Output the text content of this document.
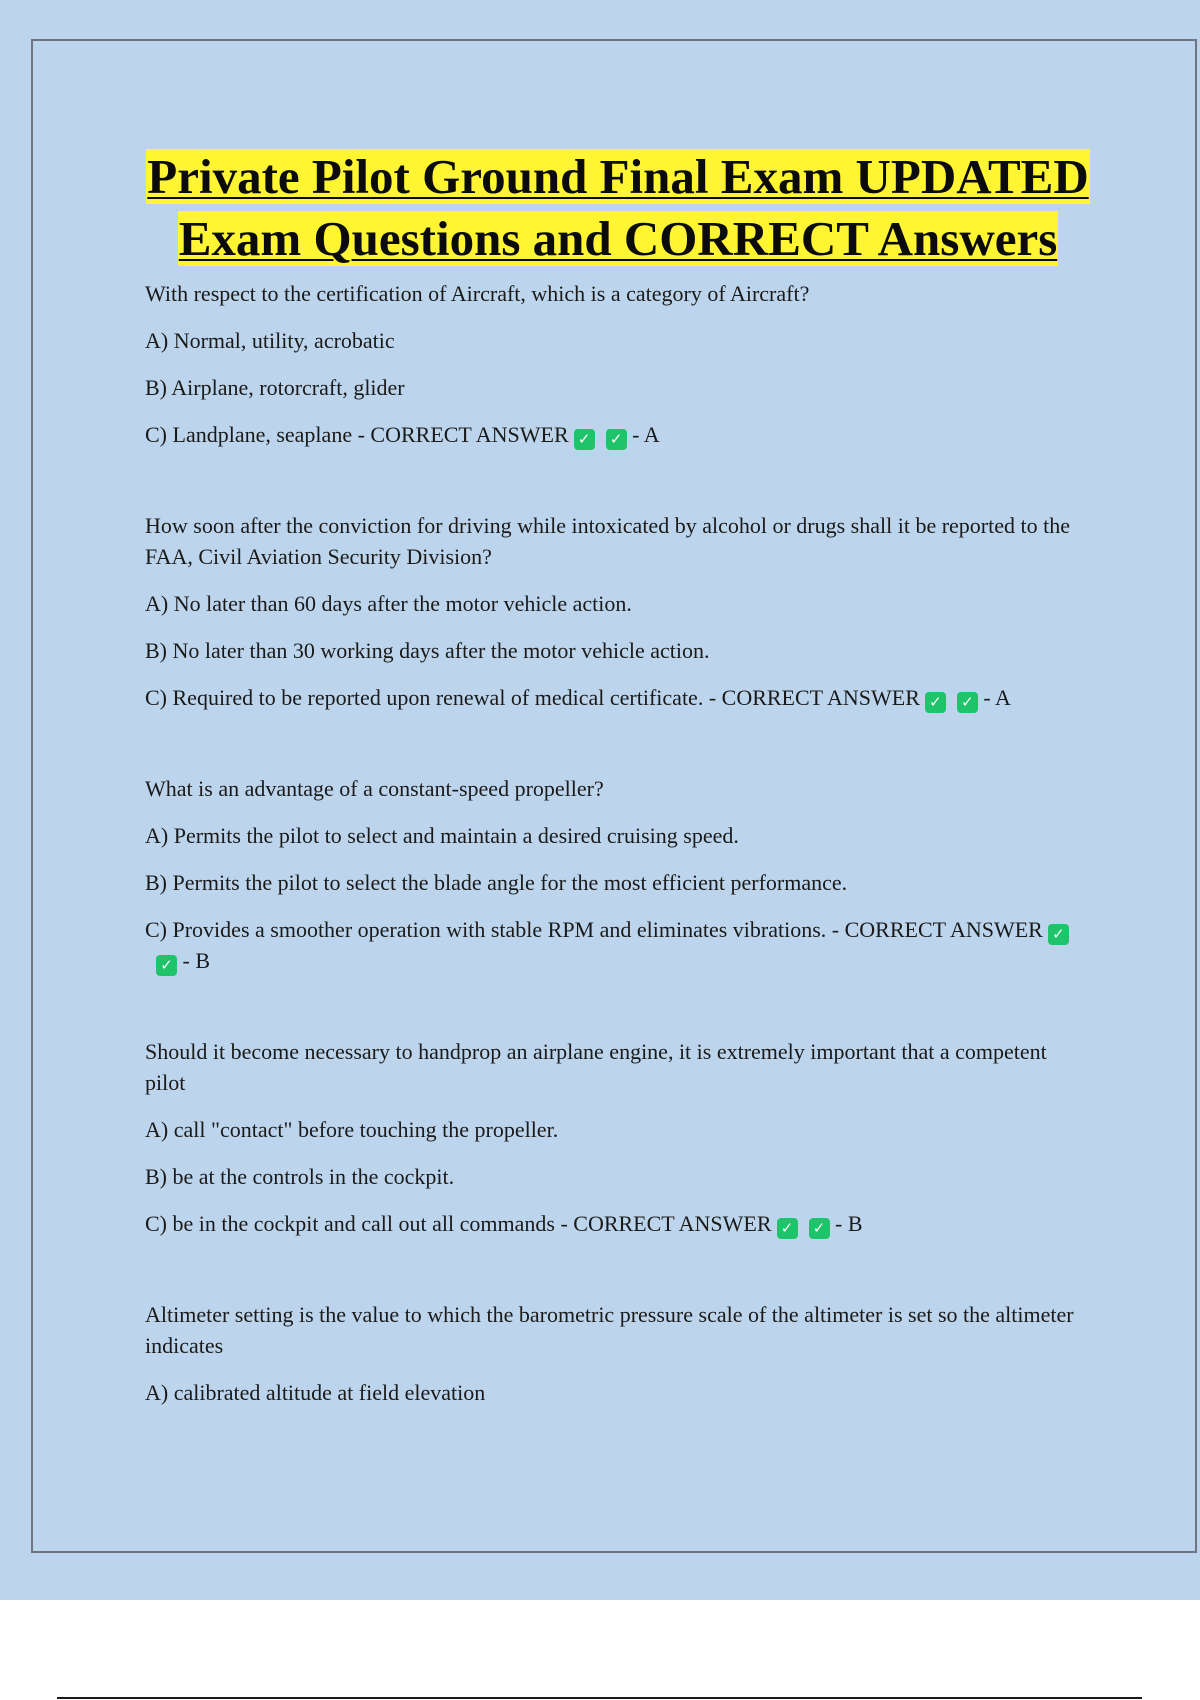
Private Pilot Ground Final Exam UPDATED
Exam Questions and CORRECT Answers

With respect to the certification of Aircraft, which is a category of Aircraft?

A) Normal, utility, acrobatic

B) Airplane, rotorcraft, glider

C) Landplane, seaplane - CORRECT ANSWER ✓ ✓ - A

How soon after the conviction for driving while intoxicated by alcohol or drugs shall it be reported to the FAA, Civil Aviation Security Division?

A) No later than 60 days after the motor vehicle action.

B) No later than 30 working days after the motor vehicle action.

C) Required to be reported upon renewal of medical certificate. - CORRECT ANSWER ✓ ✓ - A

What is an advantage of a constant-speed propeller?

A) Permits the pilot to select and maintain a desired cruising speed.

B) Permits the pilot to select the blade angle for the most efficient performance.

C) Provides a smoother operation with stable RPM and eliminates vibrations. - CORRECT ANSWER ✓✓ - B

Should it become necessary to handprop an airplane engine, it is extremely important that a competent pilot

A) call "contact" before touching the propeller.

B) be at the controls in the cockpit.

C) be in the cockpit and call out all commands - CORRECT ANSWER ✓ ✓ - B

Altimeter setting is the value to which the barometric pressure scale of the altimeter is set so the altimeter indicates

A) calibrated altitude at field elevation
